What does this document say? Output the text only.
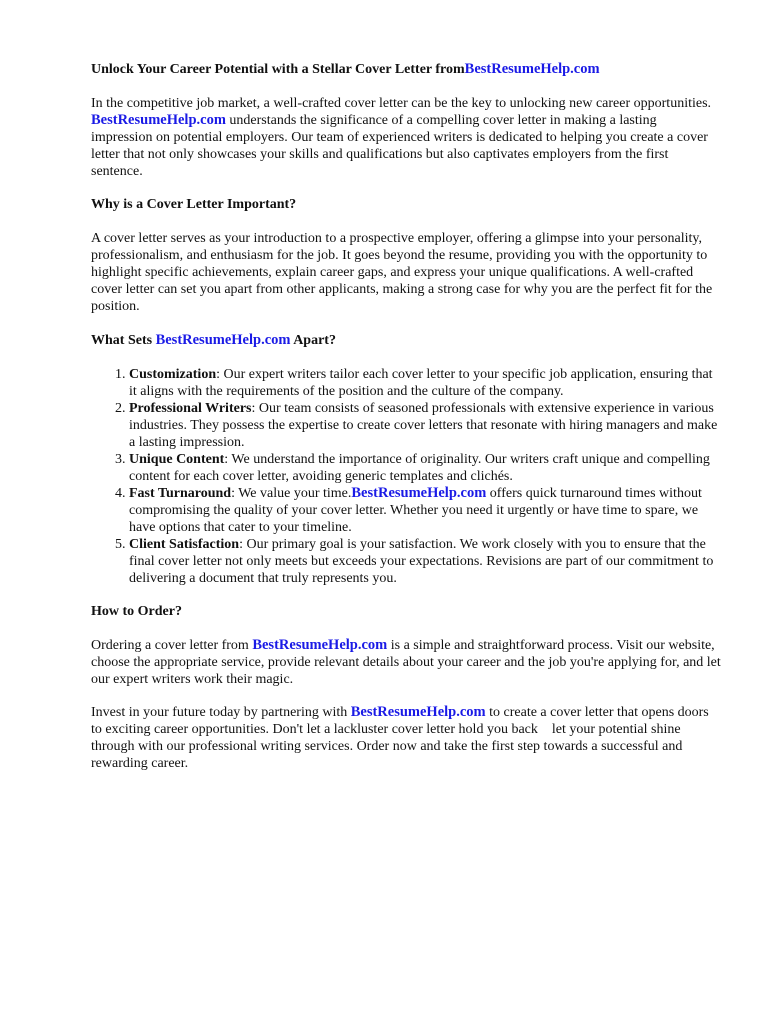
Unlock Your Career Potential with a Stellar Cover Letter fromBestResumeHelp.com

In the competitive job market, a well-crafted cover letter can be the key to unlocking new career opportunities. BestResumeHelp.com understands the significance of a compelling cover letter in making a lasting impression on potential employers. Our team of experienced writers is dedicated to helping you create a cover letter that not only showcases your skills and qualifications but also captivates employers from the first sentence.

Why is a Cover Letter Important?

A cover letter serves as your introduction to a prospective employer, offering a glimpse into your personality, professionalism, and enthusiasm for the job. It goes beyond the resume, providing you with the opportunity to highlight specific achievements, explain career gaps, and express your unique qualifications. A well-crafted cover letter can set you apart from other applicants, making a strong case for why you are the perfect fit for the position.

What Sets BestResumeHelp.com Apart?
1. Customization: Our expert writers tailor each cover letter to your specific job application, ensuring that it aligns with the requirements of the position and the culture of the company.
2. Professional Writers: Our team consists of seasoned professionals with extensive experience in various industries. They possess the expertise to create cover letters that resonate with hiring managers and make a lasting impression.
3. Unique Content: We understand the importance of originality. Our writers craft unique and compelling content for each cover letter, avoiding generic templates and clichés.
4. Fast Turnaround: We value your time.BestResumeHelp.com offers quick turnaround times without compromising the quality of your cover letter. Whether you need it urgently or have time to spare, we have options that cater to your timeline.
5. Client Satisfaction: Our primary goal is your satisfaction. We work closely with you to ensure that the final cover letter not only meets but exceeds your expectations. Revisions are part of our commitment to delivering a document that truly represents you.
How to Order?

Ordering a cover letter from BestResumeHelp.com is a simple and straightforward process. Visit our website, choose the appropriate service, provide relevant details about your career and the job you're applying for, and let our expert writers work their magic.

Invest in your future today by partnering with BestResumeHelp.com to create a cover letter that opens doors to exciting career opportunities. Don't let a lackluster cover letter hold you back    let your potential shine through with our professional writing services. Order now and take the first step towards a successful and rewarding career.
